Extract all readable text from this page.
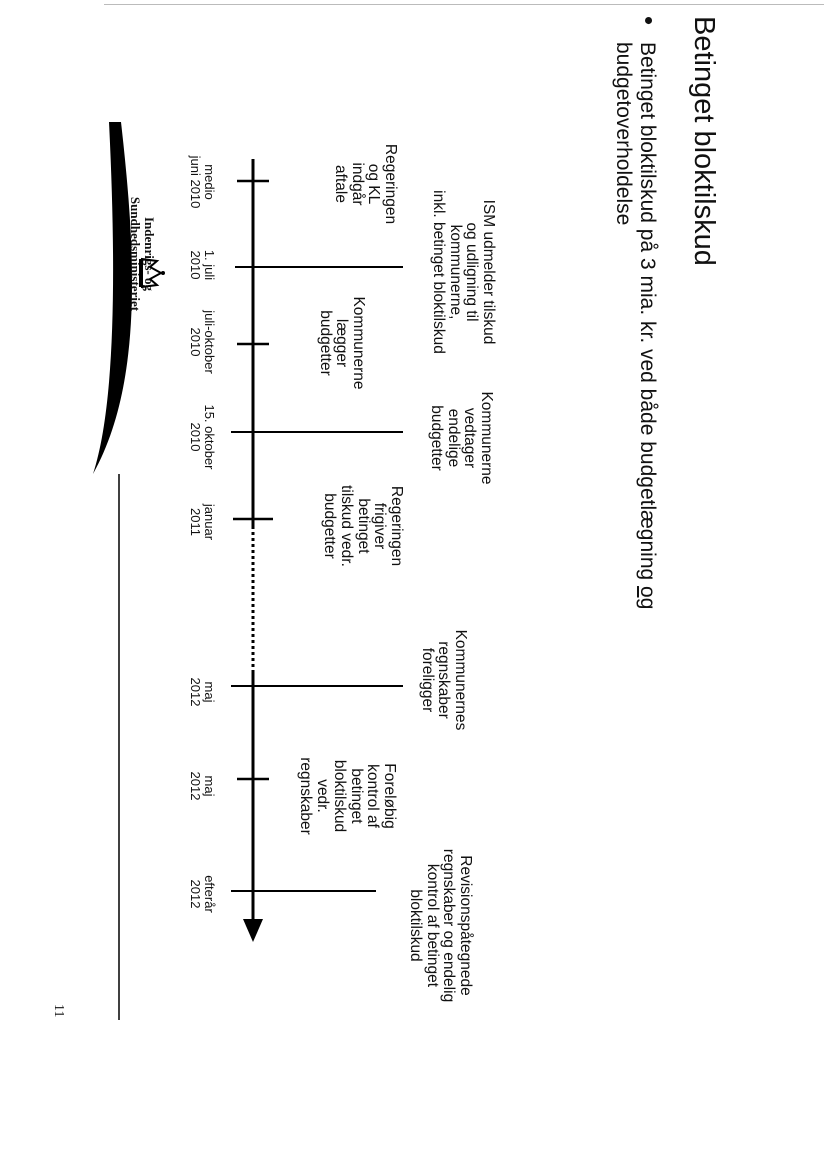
Betinget bloktilskud
•
Betinget bloktilskud på 3 mia. kr. ved både budgetlægning og
budgetoverholdelse
Regeringen
og KL
indgår
aftale
ISM udmelder tilskud
og udligning til
kommunerne,
inkl. betinget bloktilskud
Kommunerne
lægger
budgetter
Kommunerne
vedtager
endelige
budgetter
Regeringen
frigiver
betinget
tilskud vedr.
budgetter
Kommunernes
regnskaber
foreligger
Foreløbig
kontrol af
betinget
bloktilskud
vedr.
regnskaber
Revisionspåtegnede
regnskaber og endelig
kontrol af betinget
bloktilskud
medio
juni 2010
1. juli
2010
juli-oktober
2010
15. oktober
2010
januar
2011
maj
2012
maj
2012
efterår
2012
Indenrigs- og
Sundhedsministeriet
11
